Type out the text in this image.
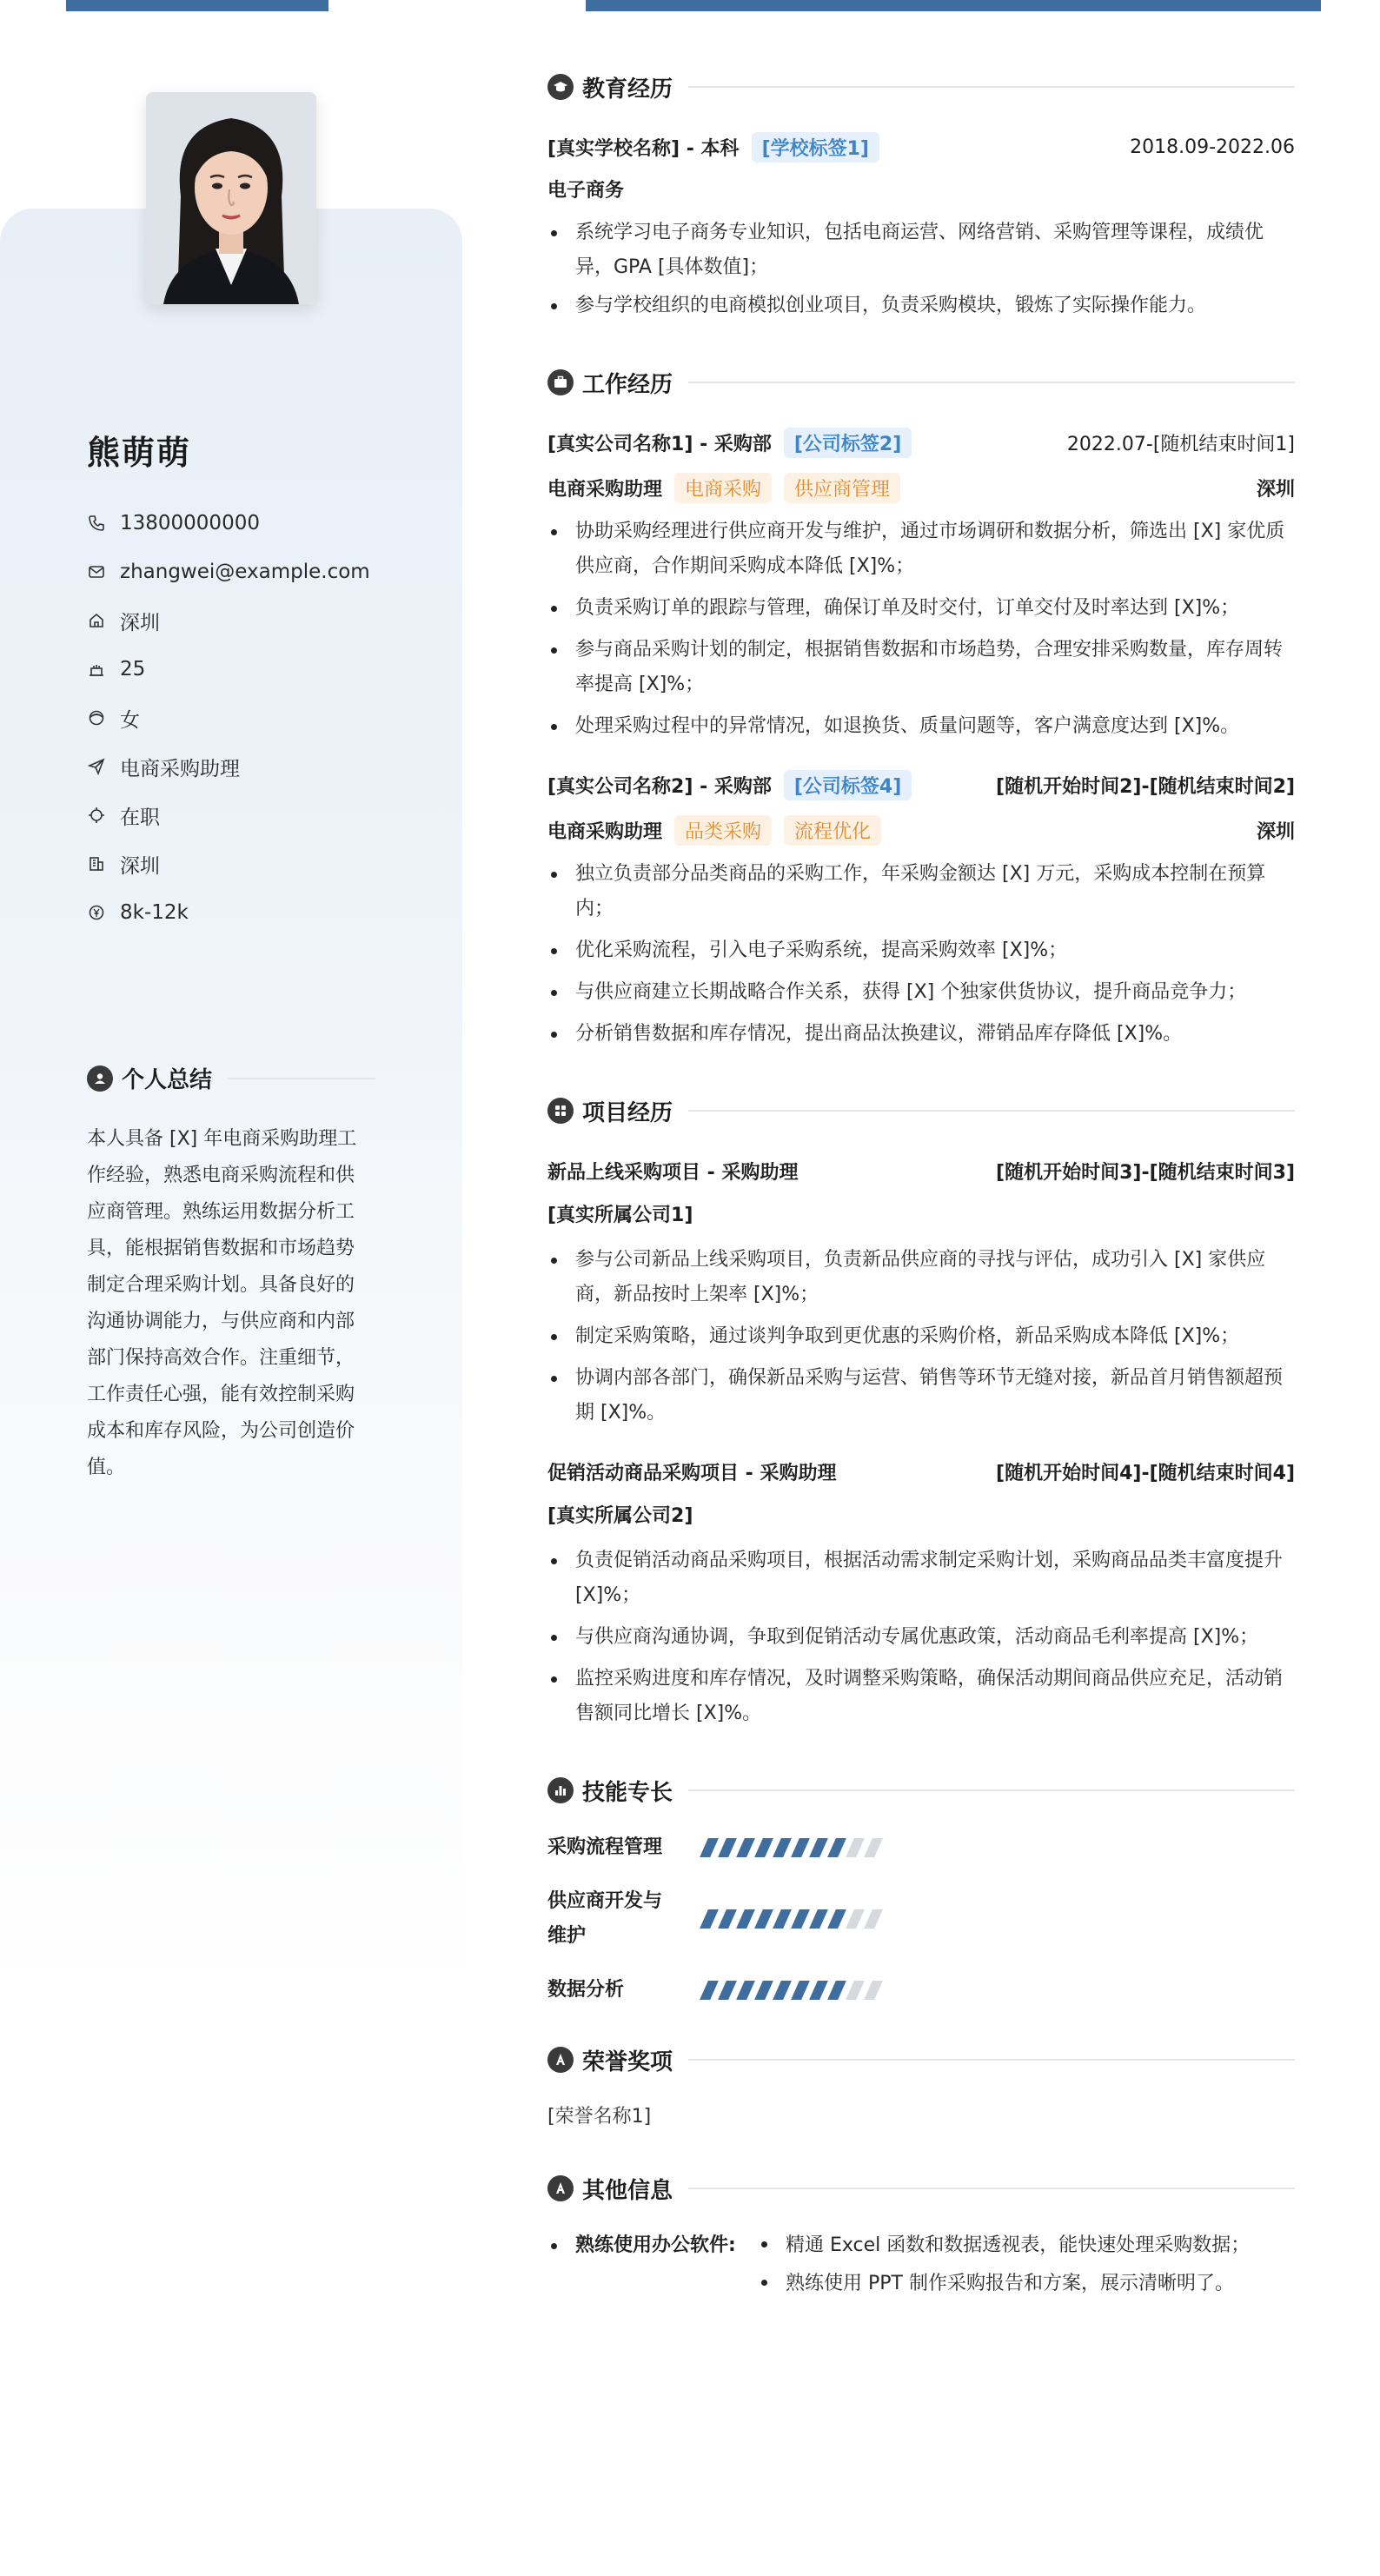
熊萌萌
13800000000
zhangwei@example.com
深圳
25
女
电商采购助理
在职
深圳
8k-12k
个人总结
本人具备 [X] 年电商采购助理工作经验，熟悉电商采购流程和供应商管理。熟练运用数据分析工具，能根据销售数据和市场趋势制定合理采购计划。具备良好的沟通协调能力，与供应商和内部部门保持高效合作。注重细节，工作责任心强，能有效控制采购成本和库存风险，为公司创造价值。
教育经历
[真实学校名称] - 本科 [学校标签1]	2018.09-2022.06
电子商务
系统学习电子商务专业知识，包括电商运营、网络营销、采购管理等课程，成绩优异，GPA [具体数值]；
参与学校组织的电商模拟创业项目，负责采购模块，锻炼了实际操作能力。
工作经历
[真实公司名称1] - 采购部 [公司标签2]	2022.07-[随机结束时间1]
电商采购助理 电商采购 供应商管理	深圳
协助采购经理进行供应商开发与维护，通过市场调研和数据分析，筛选出 [X] 家优质供应商，合作期间采购成本降低 [X]%；
负责采购订单的跟踪与管理，确保订单及时交付，订单交付及时率达到 [X]%；
参与商品采购计划的制定，根据销售数据和市场趋势，合理安排采购数量，库存周转率提高 [X]%；
处理采购过程中的异常情况，如退换货、质量问题等，客户满意度达到 [X]%。
[真实公司名称2] - 采购部 [公司标签4]	[随机开始时间2]-[随机结束时间2]
电商采购助理 品类采购 流程优化	深圳
独立负责部分品类商品的采购工作，年采购金额达 [X] 万元，采购成本控制在预算内；
优化采购流程，引入电子采购系统，提高采购效率 [X]%；
与供应商建立长期战略合作关系，获得 [X] 个独家供货协议，提升商品竞争力；
分析销售数据和库存情况，提出商品汰换建议，滞销品库存降低 [X]%。
项目经历
新品上线采购项目 - 采购助理	[随机开始时间3]-[随机结束时间3]
[真实所属公司1]
参与公司新品上线采购项目，负责新品供应商的寻找与评估，成功引入 [X] 家供应商，新品按时上架率 [X]%；
制定采购策略，通过谈判争取到更优惠的采购价格，新品采购成本降低 [X]%；
协调内部各部门，确保新品采购与运营、销售等环节无缝对接，新品首月销售额超预期 [X]%。
促销活动商品采购项目 - 采购助理	[随机开始时间4]-[随机结束时间4]
[真实所属公司2]
负责促销活动商品采购项目，根据活动需求制定采购计划，采购商品品类丰富度提升 [X]%；
与供应商沟通协调，争取到促销活动专属优惠政策，活动商品毛利率提高 [X]%；
监控采购进度和库存情况，及时调整采购策略，确保活动期间商品供应充足，活动销售额同比增长 [X]%。
技能专长
采购流程管理
供应商开发与维护
数据分析
荣誉奖项
[荣誉名称1]
其他信息
熟练使用办公软件:	精通 Excel 函数和数据透视表，能快速处理采购数据；
熟练使用 PPT 制作采购报告和方案，展示清晰明了。
